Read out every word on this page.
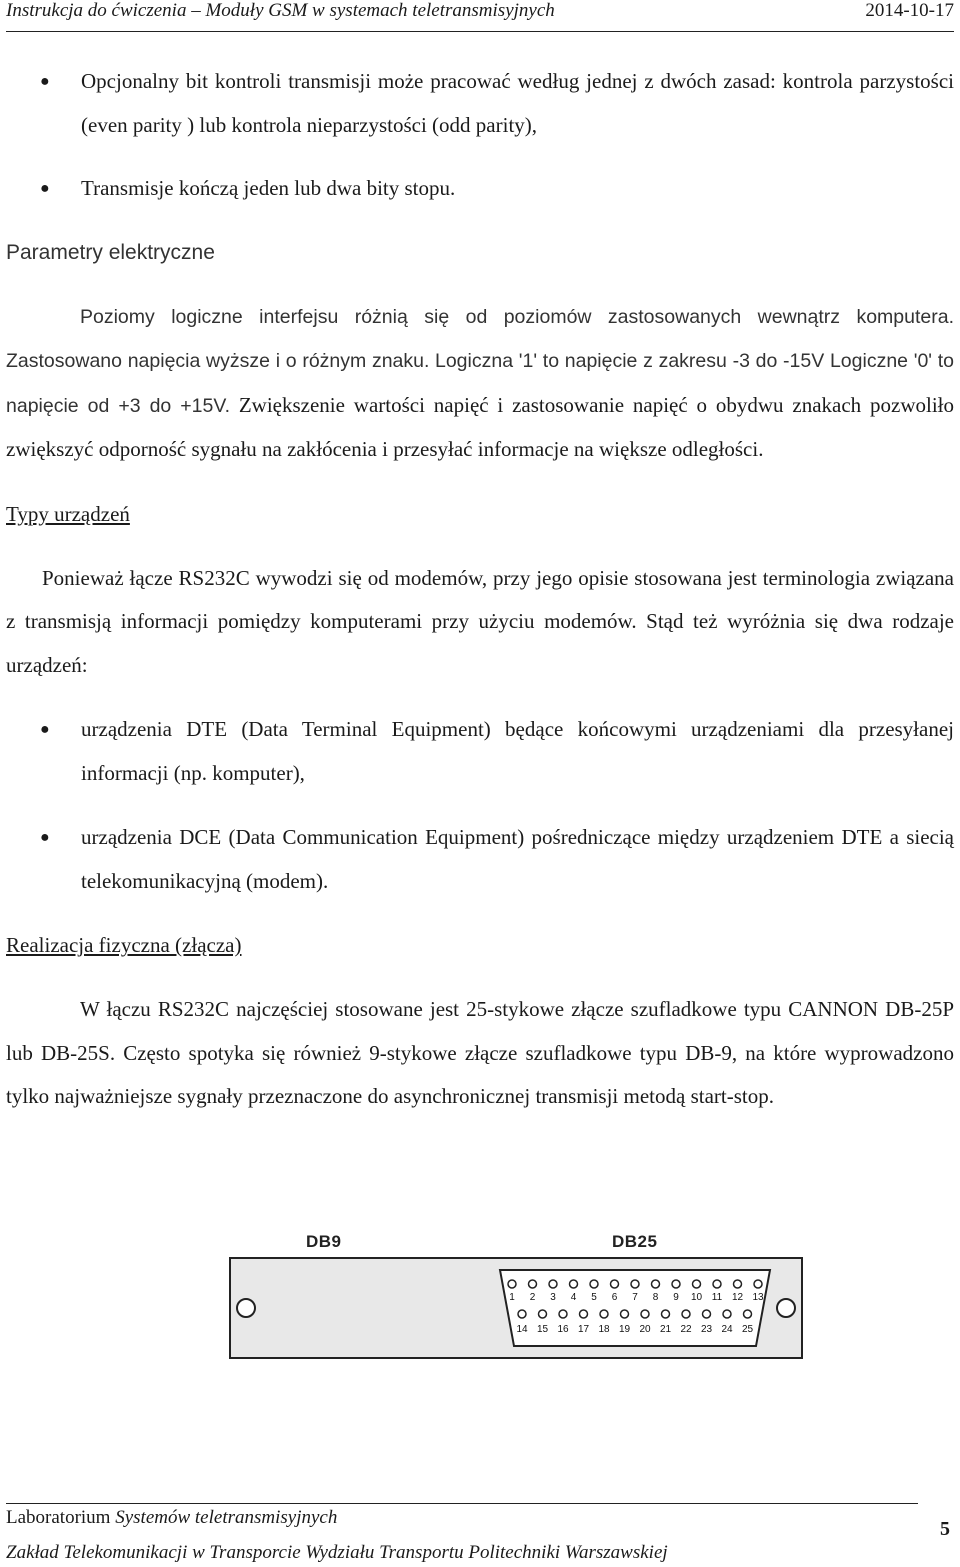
Instrukcja do ćwiczenia – Moduły GSM w systemach teletransmisyjnych	2014-10-17
● Opcjonalny bit kontroli transmisji może pracować według jednej z dwóch zasad: kontrola parzystości (even parity ) lub kontrola nieparzystości (odd parity),
● Transmisje kończą jeden lub dwa bity stopu.

Parametry elektryczne

Poziomy logiczne interfejsu różnią się od poziomów zastosowanych wewnątrz komputera. Zastosowano napięcia wyższe i o różnym znaku. Logiczna '1' to napięcie z zakresu -3 do -15V Logiczne '0' to napięcie od +3 do +15V. Zwiększenie wartości napięć i zastosowanie napięć o obydwu znakach pozwoliło zwiększyć odporność sygnału na zakłócenia i przesyłać informacje na większe odległości.

Typy urządzeń

Ponieważ łącze RS232C wywodzi się od modemów, przy jego opisie stosowana jest terminologia związana z transmisją informacji pomiędzy komputerami przy użyciu modemów. Stąd też wyróżnia się dwa rodzaje urządzeń:

● urządzenia DTE (Data Terminal Equipment) będące końcowymi urządzeniami dla przesyłanej informacji (np. komputer),
● urządzenia DCE (Data Communication Equipment) pośredniczące między urządzeniem DTE a siecią telekomunikacyjną (modem).

Realizacja fizyczna (złącza)

W łączu RS232C najczęściej stosowane jest 25-stykowe złącze szufladkowe typu CANNON DB-25P lub DB-25S. Często spotyka się również 9-stykowe złącze szufladkowe typu DB-9, na które wyprowadzono tylko najważniejsze sygnały przeznaczone do asynchronicznej transmisji metodą start-stop.

DB9	DB25
1 2 3 4 5 6 7 8 9 10 11 12 13
14 15 16 17 18 19 20 21 22 23 24 25
Laboratorium Systemów teletransmisyjnych
Zakład Telekomunikacji w Transporcie Wydziału Transportu Politechniki Warszawskiej
5
